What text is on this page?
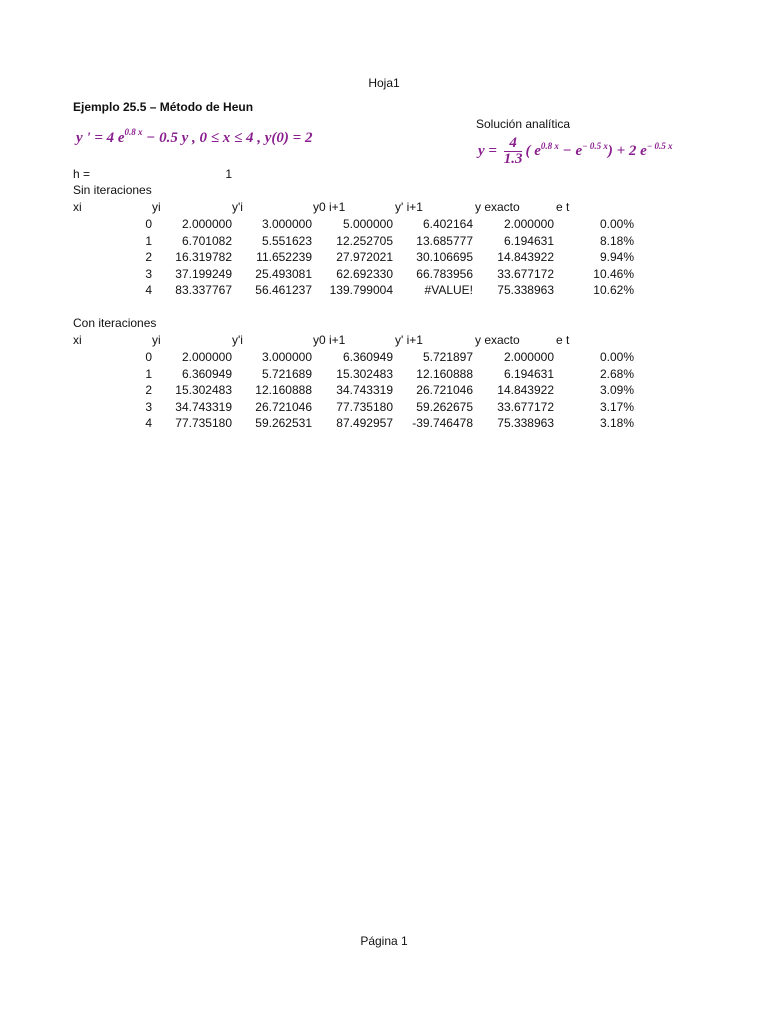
Hoja1
Ejemplo 25.5 – Método de Heun
y ' = 4 $e^{0.8 x} - 0.5$ y , 0 ≤ x ≤ 4 , y(0) = 2
Solución analítica
$y = \frac{4}{1.3}$ ( $e^{0.8 x} - e^{- 0.5 x}) + 2$ $e^{- 0.5 x}$
h =	1
Sin iteraciones
xi	yi	y'i	y0 i+1	y' i+1	y exacto	e t
0	2.000000	3.000000	5.000000	6.402164	2.000000	0.00%
1	6.701082	5.551623	12.252705	13.685777	6.194631	8.18%
2	16.319782	11.652239	27.972021	30.106695	14.843922	9.94%
3	37.199249	25.493081	62.692330	66.783956	33.677172	10.46%
4	83.337767	56.461237	139.799004	#VALUE!	75.338963	10.62%
Con iteraciones
xi	yi	y'i	y0 i+1	y' i+1	y exacto	e t
0	2.000000	3.000000	6.360949	5.721897	2.000000	0.00%
1	6.360949	5.721689	15.302483	12.160888	6.194631	2.68%
2	15.302483	12.160888	34.743319	26.721046	14.843922	3.09%
3	34.743319	26.721046	77.735180	59.262675	33.677172	3.17%
4	77.735180	59.262531	87.492957	-39.746478	75.338963	3.18%
Página 1
